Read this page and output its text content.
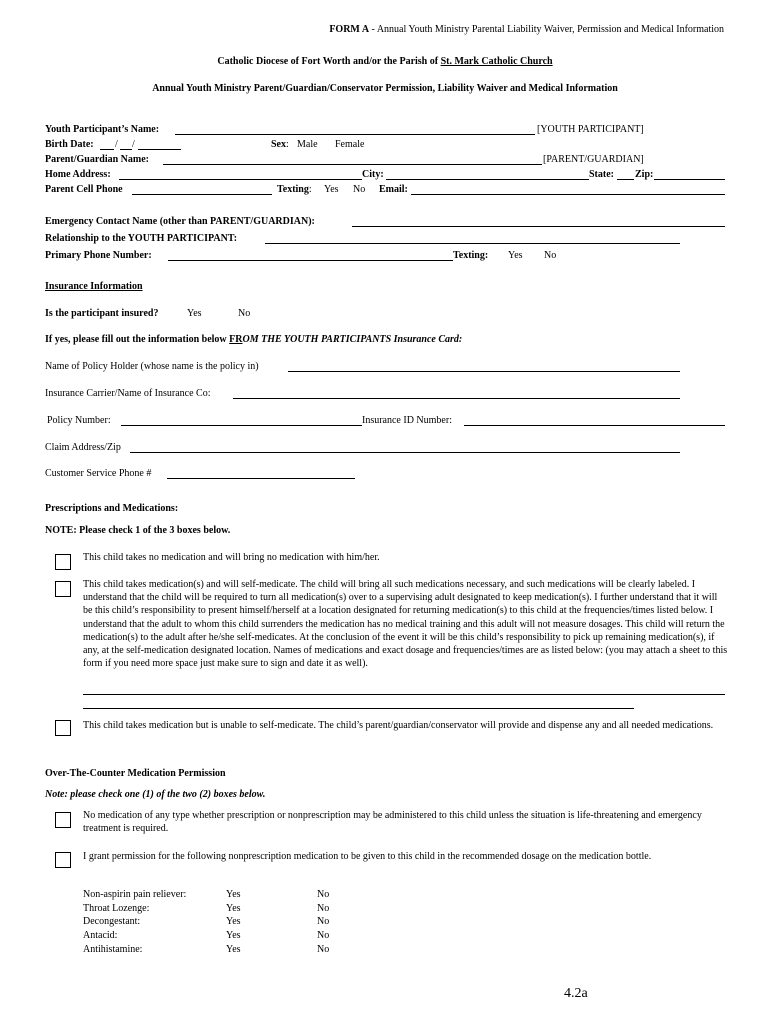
FORM A - Annual Youth Ministry Parental Liability Waiver, Permission and Medical Information
Catholic Diocese of Fort Worth and/or the Parish of St. Mark Catholic Church
Annual Youth Ministry Parent/Guardian/Conservator Permission, Liability Waiver and Medical Information
Youth Participant’s Name:	[YOUTH PARTICIPANT]
Birth Date: / /	Sex: Male Female
Parent/Guardian Name:	[PARENT/GUARDIAN]
Home Address:	City:	State: Zip:
Parent Cell Phone	Texting: Yes No Email:
Emergency Contact Name (other than PARENT/GUARDIAN):
Relationship to the YOUTH PARTICIPANT:
Primary Phone Number:	Texting: Yes No
Insurance Information
Is the participant insured?	Yes	No
If yes, please fill out the information below FROM THE YOUTH PARTICIPANTS Insurance Card:
Name of Policy Holder (whose name is the policy in)
Insurance Carrier/Name of Insurance Co:
Policy Number:	Insurance ID Number:
Claim Address/Zip
Customer Service Phone #
Prescriptions and Medications:
NOTE: Please check 1 of the 3 boxes below.
This child takes no medication and will bring no medication with him/her.
This child takes medication(s) and will self-medicate. The child will bring all such medications necessary, and such medications will be clearly labeled. I understand that the child will be required to turn all medication(s) over to a supervising adult designated to keep medication(s). I further understand that it will be this child’s responsibility to present himself/herself at a location designated for returning medication(s) to this child at the frequencies/times listed below. I understand that the adult to whom this child surrenders the medication has no medical training and this adult will not measure dosages. This child will return the medication(s) to the adult after he/she self-medicates. At the conclusion of the event it will be this child’s responsibility to pick up remaining medication(s), if any, at the self-medication designated location. Names of medications and exact dosage and frequencies/times are as listed below: (you may attach a sheet to this form if you need more space just make sure to sign and date it as well).
This child takes medication but is unable to self-medicate. The child’s parent/guardian/conservator will provide and dispense any and all needed medications.
Over-The-Counter Medication Permission
Note: please check one (1) of the two (2) boxes below.
No medication of any type whether prescription or nonprescription may be administered to this child unless the situation is life-threatening and emergency treatment is required.
I grant permission for the following nonprescription medication to be given to this child in the recommended dosage on the medication bottle.
Non-aspirin pain reliever:	Yes	No
Throat Lozenge:	Yes	No
Decongestant:	Yes	No
Antacid:	Yes	No
Antihistamine:	Yes	No
4.2a
